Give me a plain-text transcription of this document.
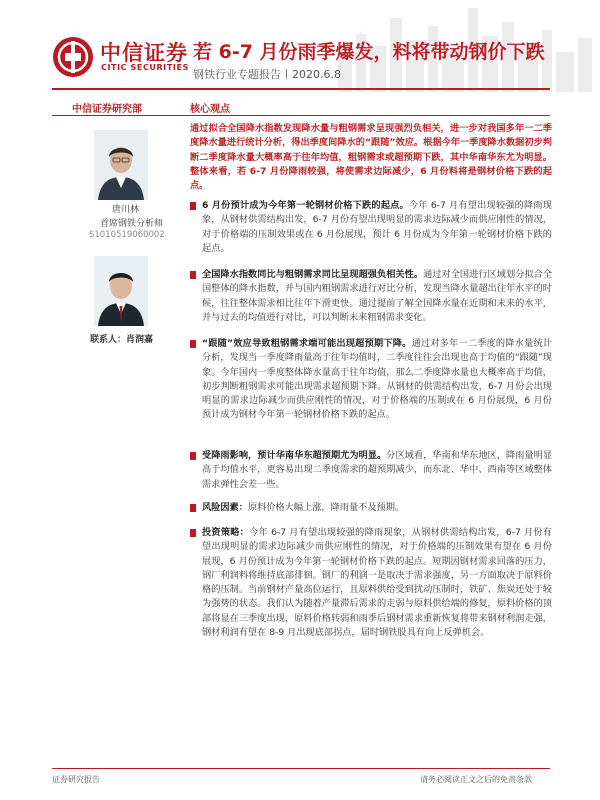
中信证券
CITIC SECURITIES
若 6-7 月份雨季爆发，料将带动钢价下跌
钢铁行业专题报告丨2020.6.8
中信证券研究部	核心观点
唐川林
首席钢铁分析师
S1010519060002
联系人：肖润嘉
通过拟合全国降水指数发现降水量与粗钢需求呈现强烈负相关，进一步对我国多年一二季度降水量进行统计分析，得出季度间降水的“跟随”效应。根据今年一季度降水数据初步判断二季度降水量大概率高于往年均值，粗钢需求或超预期下跌，其中华南华东尤为明显。整体来看，若 6-7 月份降雨较强，将使需求边际减少，6 月份料将是钢材价格下跌的起点。
6 月份预计成为今年第一轮钢材价格下跌的起点。今年 6-7 月有望出现较强的降雨现象，从钢材供需结构出发，6-7 月份有望出现明显的需求边际减少而供应刚性的情况，对于价格端的压制效果或在 6 月份展现，预计 6 月份成为今年第一轮钢材价格下跌的起点。
全国降水指数同比与粗钢需求同比呈现超强负相关性。通过对全国进行区域划分拟合全国整体的降水指数，并与国内粗钢需求进行对比分析，发现当降水量超出往年水平的时候，往往整体需求相比往年下滑更快。通过提前了解全国降水量在近期和未来的水平，并与过去的均值进行对比，可以判断未来粗钢需求变化。
“跟随”效应导致粗钢需求端可能出现超预期下降。通过对多年一二季度的降水量统计分析，发现当一季度降雨量高于往年均值时，二季度往往会出现也高于均值的“跟随”现象。今年国内一季度整体降水量高于往年均值，那么二季度降水量也大概率高于均值，初步判断粗钢需求可能出现需求超预期下降。从钢材的供需结构出发，6-7 月份会出现明显的需求边际减少而供应刚性的情况，对于价格端的压制或在 6 月份展现，6 月份预计成为钢材今年第一轮钢材价格下跌的起点。
受降雨影响，预计华南华东超预期尤为明显。分区域看，华南和华东地区，降雨量明显高于均值水平，更容易出现二季度需求的超预期减少，而东北、华中、西南等区域整体需求弹性会差一些。
风险因素：原料价格大幅上涨，降雨量不及预期。
投资策略：今年 6-7 月有望出现较强的降雨现象，从钢材供需结构出发，6-7 月份有望出现明显的需求边际减少而供应刚性的情况，对于价格端的压制效果有望在 6 月份展现，6 月份预计成为今年第一轮钢材价格下跌的起点。短期因钢材需求回落的压力，钢厂利润料将维持底部徘徊。钢厂的利润一是取决于需求强度，另一方面取决于原料价格的压制。当前钢材产量高位运行，且原料供给受到扰动压制时，铁矿、焦炭还处于较为强势的状态。我们认为随着产量滞后需求的走弱与原料供给端的修复，原料价格的顶部将显在三季度出现，原料价格转弱和雨季后钢材需求重新恢复将带来钢材利润走强，钢材利润有望在 8-9 月出现底部拐点，届时钢铁股具有向上反弹机会。
证券研究报告	请务必阅读正文之后的免责条款
